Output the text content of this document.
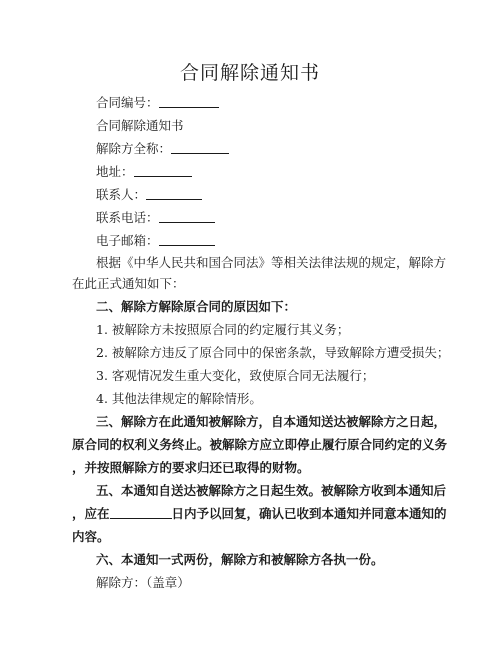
合同解除通知书
合同编号：
合同解除通知书
解除方全称：
地址：
联系人：
联系电话：
电子邮箱：
根据《中华人民共和国合同法》等相关法律法规的规定，解除方
在此正式通知如下：
二、解除方解除原合同的原因如下：
1. 被解除方未按照原合同的约定履行其义务；
2. 被解除方违反了原合同中的保密条款，导致解除方遭受损失；
3. 客观情况发生重大变化，致使原合同无法履行；
4. 其他法律规定的解除情形。
三、解除方在此通知被解除方，自本通知送达被解除方之日起，
原合同的权利义务终止。被解除方应立即停止履行原合同约定的义务
，并按照解除方的要求归还已取得的财物。
五、本通知自送达被解除方之日起生效。被解除方收到本通知后
，应在	日内予以回复，确认已收到本通知并同意本通知的
内容。
六、本通知一式两份，解除方和被解除方各执一份。
解除方：（盖章）
